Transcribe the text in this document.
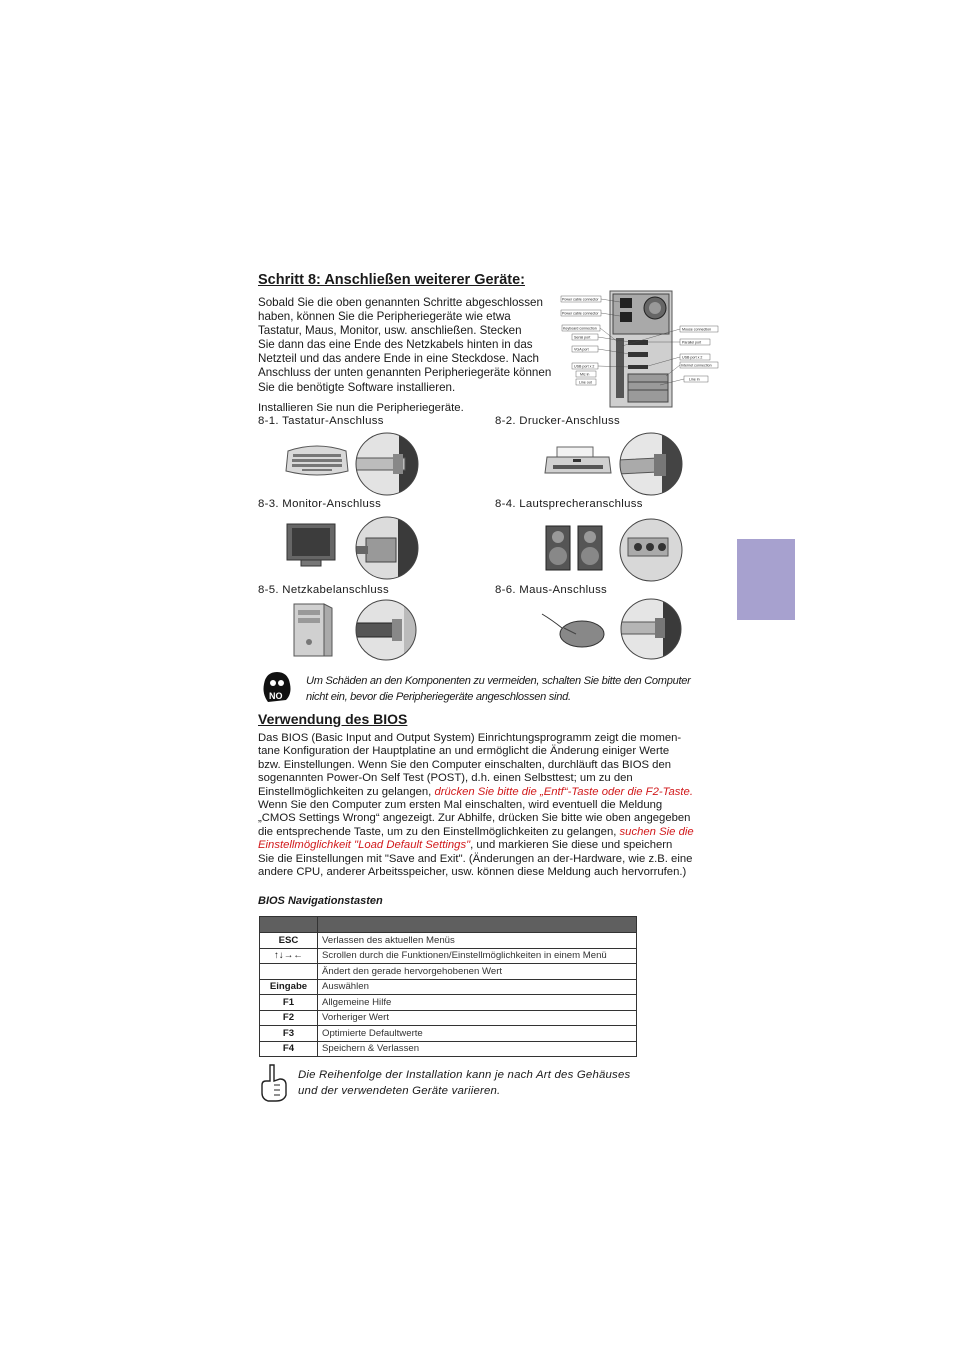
Schritt 8: Anschließen weiterer Geräte:
Sobald Sie die oben genannten Schritte abgeschlossen
haben, können Sie die Peripheriegeräte wie etwa
Tastatur, Maus, Monitor, usw. anschließen. Stecken
Sie dann das eine Ende des Netzkabels hinten in das
Netzteil und das andere Ende in eine Steckdose. Nach
Anschluss der unten genannten Peripheriegeräte können
Sie die benötigte Software installieren.
Power cable connector
Power cable connector
Keyboard connection
Serial port
VGA port
USB port x 2
Mic in
Line out
Mouse connection
Parallel port
USB port x 2
Internet connection
Line in
Installieren Sie nun die Peripheriegeräte.
8-1. Tastatur-Anschluss	8-2. Drucker-Anschluss
8-3. Monitor-Anschluss	8-4. Lautsprecheranschluss
8-5. Netzkabelanschluss	8-6. Maus-Anschluss
NO
Um Schäden an den Komponenten zu vermeiden, schalten Sie bitte den Computer
nicht ein, bevor die Peripheriegeräte angeschlossen sind.
Verwendung des BIOS
Das BIOS (Basic Input and Output System) Einrichtungsprogramm zeigt die momen-
tane Konfiguration der Hauptplatine an und ermöglicht die Änderung einiger Werte
bzw. Einstellungen. Wenn Sie den Computer einschalten, durchläuft das BIOS den
sogenannten Power-On Self Test (POST), d.h. einen Selbsttest; um zu den
Einstellmöglichkeiten zu gelangen, drücken Sie bitte die „Entf“-Taste oder die F2-Taste.
Wenn Sie den Computer zum ersten Mal einschalten, wird eventuell die Meldung
„CMOS Settings Wrong“ angezeigt. Zur Abhilfe, drücken Sie bitte wie oben angegeben
die entsprechende Taste, um zu den Einstellmöglichkeiten zu gelangen, suchen Sie die
Einstellmöglichkeit "Load Default Settings", und markieren Sie diese und speichern
Sie die Einstellungen mit "Save and Exit". (Änderungen an der-Hardware, wie z.B. eine
andere CPU, anderer Arbeitsspeicher, usw. können diese Meldung auch hervorrufen.)
BIOS Navigationstasten

ESC	Verlassen des aktuellen Menüs
↑↓→←	Scrollen durch die Funktionen/Einstellmöglichkeiten in einem Menü
	Ändert den gerade hervorgehobenen Wert
Eingabe	Auswählen
F1	Allgemeine Hilfe
F2	Vorheriger Wert
F3	Optimierte Defaultwerte
F4	Speichern & Verlassen
Die Reihenfolge der Installation kann je nach Art des Gehäuses
und der verwendeten Geräte variieren.
